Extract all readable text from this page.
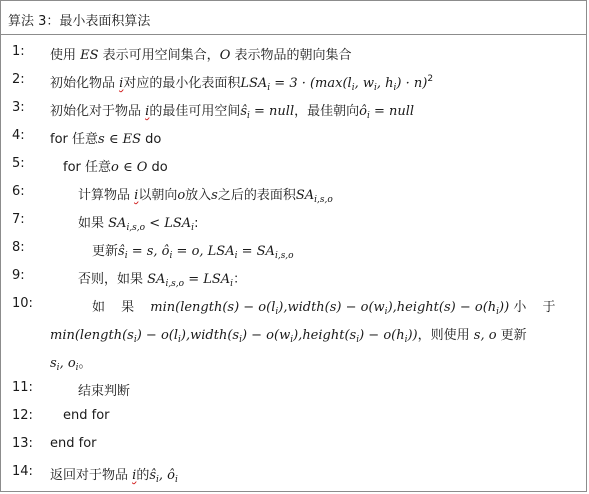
算法 3：最小表面积算法
1: 使用 ES 表示可用空间集合，O 表示物品的朝向集合
2: 初始化物品 i对应的最小化表面积$LSA_i = 3 \cdot (\max(l_i$, $w_i$, $h_i) \cdot n)^2$
3: 初始化对于物品 i的最佳可用空间$ŝ_i$ = null，最佳朝向$ô_i$ = null
4: for 任意s ∈ ES do
5:	for 任意o ∈ O do
6:	计算物品 i以朝向o放入s之后的表面积$SA_{i,s,o}$
7:	如果 $SA_{i,s,o} < LSA_i$:
8:	更新$ŝ_i = s$, $ô_i = o$, $LSA_i = SA_{i,s,o}$
9:	否则，如果 $SA_{i,s,o} = LSA_i$：
10:	如 果 min(length(s) − $o(l_i),width(s)$ − $o(w_i),height(s) - o(h_i)$) 小 于
$\min(length(s_i)$ − $o(l_i),width(s_i)$ − $o(w_i),height(s_i) - o(h_i)$)，则使用 s, o 更新
$s_i$, $o_i$。
11:	结束判断
12: end for
13: end for
14: 返回对于物品 i的$ŝ_i$, $ô_i$
